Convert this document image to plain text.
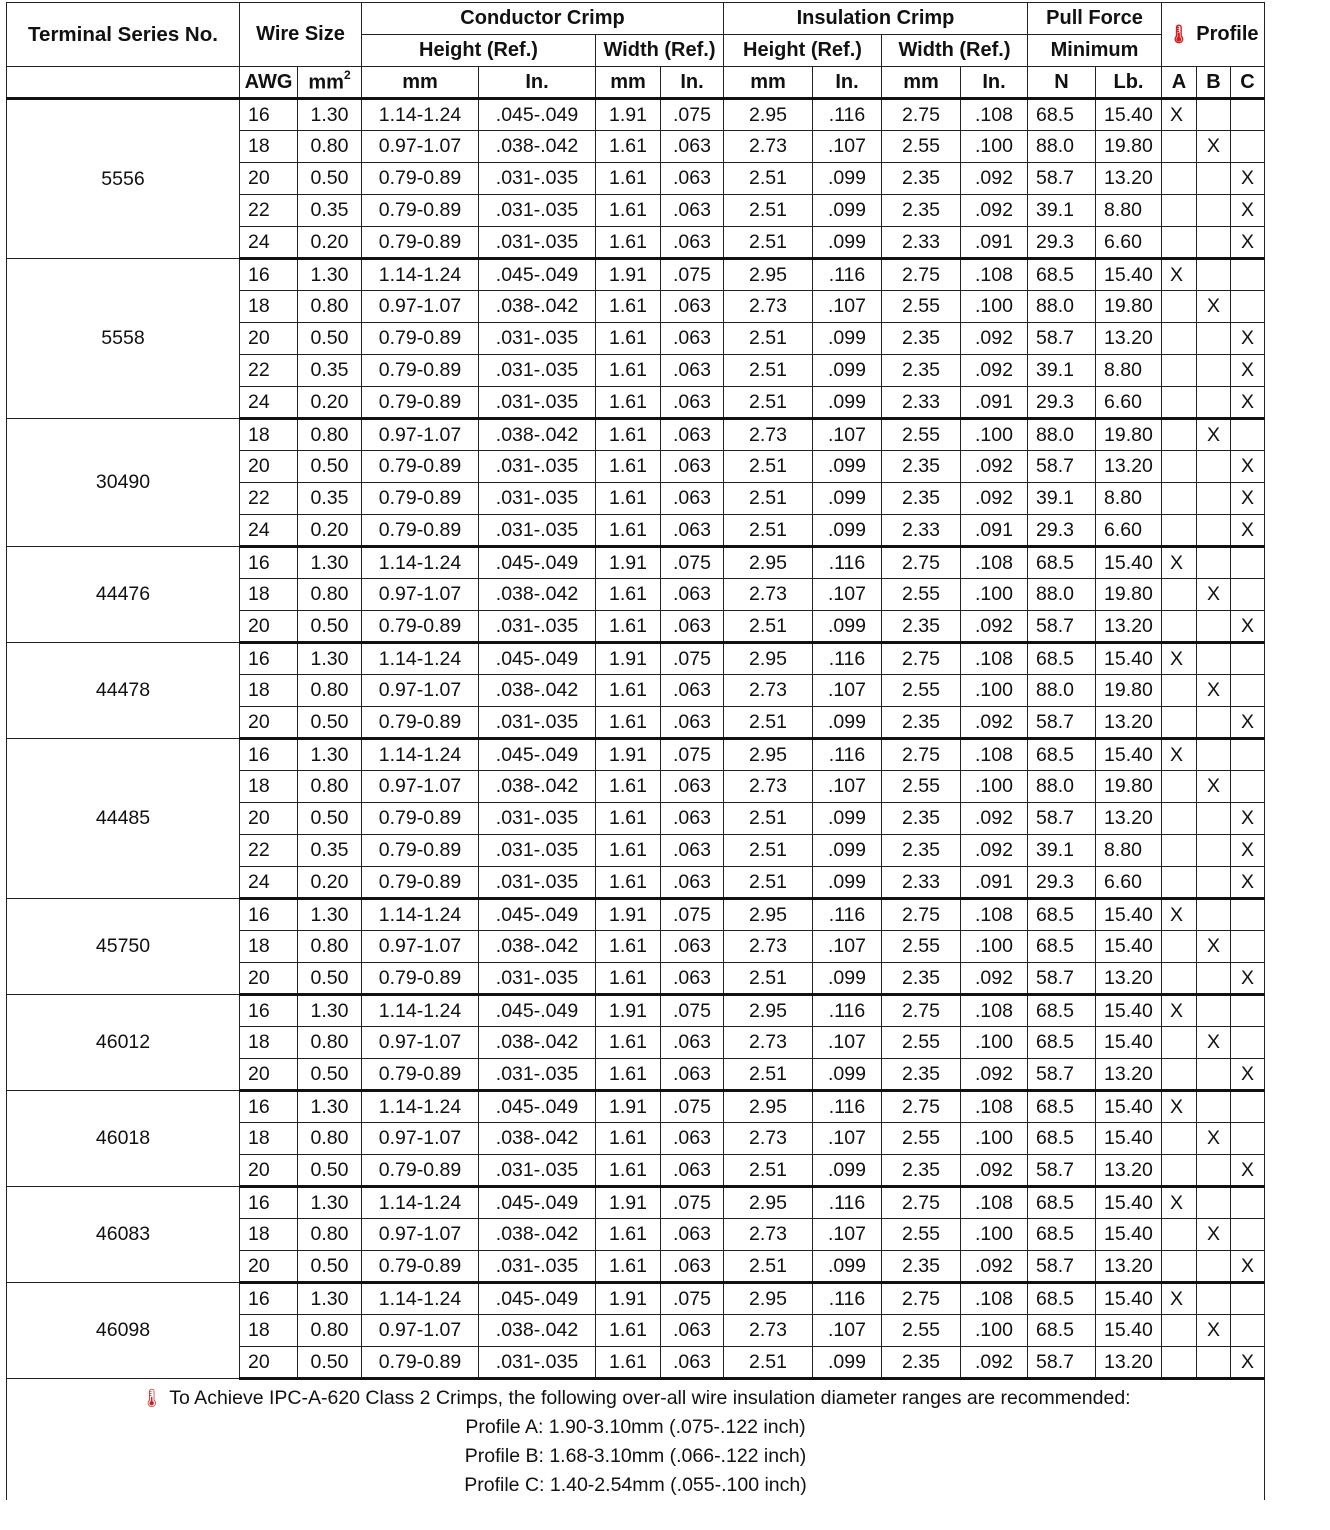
Terminal Series No.	Wire Size		Conductor Crimp				Insulation Crimp				Pull Force		🌡 Profile		
			Height (Ref.)		Width (Ref.)		Height (Ref.)		Width (Ref.)		Minimum				
	AWG	$mm^2$	mm	In.	mm	In.	mm	In.	mm	In.	N	Lb.	A	B	C
5556	16	1.30	1.14-1.24	.045-.049	1.91	.075	2.95	.116	2.75	.108	68.5	15.40	X		
	18	0.80	0.97-1.07	.038-.042	1.61	.063	2.73	.107	2.55	.100	88.0	19.80		X	
	20	0.50	0.79-0.89	.031-.035	1.61	.063	2.51	.099	2.35	.092	58.7	13.20			X
	22	0.35	0.79-0.89	.031-.035	1.61	.063	2.51	.099	2.35	.092	39.1	8.80			X
	24	0.20	0.79-0.89	.031-.035	1.61	.063	2.51	.099	2.33	.091	29.3	6.60			X
5558	16	1.30	1.14-1.24	.045-.049	1.91	.075	2.95	.116	2.75	.108	68.5	15.40	X		
	18	0.80	0.97-1.07	.038-.042	1.61	.063	2.73	.107	2.55	.100	88.0	19.80		X	
	20	0.50	0.79-0.89	.031-.035	1.61	.063	2.51	.099	2.35	.092	58.7	13.20			X
	22	0.35	0.79-0.89	.031-.035	1.61	.063	2.51	.099	2.35	.092	39.1	8.80			X
	24	0.20	0.79-0.89	.031-.035	1.61	.063	2.51	.099	2.33	.091	29.3	6.60			X
30490	18	0.80	0.97-1.07	.038-.042	1.61	.063	2.73	.107	2.55	.100	88.0	19.80		X	
	20	0.50	0.79-0.89	.031-.035	1.61	.063	2.51	.099	2.35	.092	58.7	13.20			X
	22	0.35	0.79-0.89	.031-.035	1.61	.063	2.51	.099	2.35	.092	39.1	8.80			X
	24	0.20	0.79-0.89	.031-.035	1.61	.063	2.51	.099	2.33	.091	29.3	6.60			X
44476	16	1.30	1.14-1.24	.045-.049	1.91	.075	2.95	.116	2.75	.108	68.5	15.40	X		
	18	0.80	0.97-1.07	.038-.042	1.61	.063	2.73	.107	2.55	.100	88.0	19.80		X	
	20	0.50	0.79-0.89	.031-.035	1.61	.063	2.51	.099	2.35	.092	58.7	13.20			X
44478	16	1.30	1.14-1.24	.045-.049	1.91	.075	2.95	.116	2.75	.108	68.5	15.40	X		
	18	0.80	0.97-1.07	.038-.042	1.61	.063	2.73	.107	2.55	.100	88.0	19.80		X	
	20	0.50	0.79-0.89	.031-.035	1.61	.063	2.51	.099	2.35	.092	58.7	13.20			X
44485	16	1.30	1.14-1.24	.045-.049	1.91	.075	2.95	.116	2.75	.108	68.5	15.40	X		
	18	0.80	0.97-1.07	.038-.042	1.61	.063	2.73	.107	2.55	.100	88.0	19.80		X	
	20	0.50	0.79-0.89	.031-.035	1.61	.063	2.51	.099	2.35	.092	58.7	13.20			X
	22	0.35	0.79-0.89	.031-.035	1.61	.063	2.51	.099	2.35	.092	39.1	8.80			X
	24	0.20	0.79-0.89	.031-.035	1.61	.063	2.51	.099	2.33	.091	29.3	6.60			X
45750	16	1.30	1.14-1.24	.045-.049	1.91	.075	2.95	.116	2.75	.108	68.5	15.40	X		
	18	0.80	0.97-1.07	.038-.042	1.61	.063	2.73	.107	2.55	.100	68.5	15.40		X	
	20	0.50	0.79-0.89	.031-.035	1.61	.063	2.51	.099	2.35	.092	58.7	13.20			X
46012	16	1.30	1.14-1.24	.045-.049	1.91	.075	2.95	.116	2.75	.108	68.5	15.40	X		
	18	0.80	0.97-1.07	.038-.042	1.61	.063	2.73	.107	2.55	.100	68.5	15.40		X	
	20	0.50	0.79-0.89	.031-.035	1.61	.063	2.51	.099	2.35	.092	58.7	13.20			X
46018	16	1.30	1.14-1.24	.045-.049	1.91	.075	2.95	.116	2.75	.108	68.5	15.40	X		
	18	0.80	0.97-1.07	.038-.042	1.61	.063	2.73	.107	2.55	.100	68.5	15.40		X	
	20	0.50	0.79-0.89	.031-.035	1.61	.063	2.51	.099	2.35	.092	58.7	13.20			X
46083	16	1.30	1.14-1.24	.045-.049	1.91	.075	2.95	.116	2.75	.108	68.5	15.40	X		
	18	0.80	0.97-1.07	.038-.042	1.61	.063	2.73	.107	2.55	.100	68.5	15.40		X	
	20	0.50	0.79-0.89	.031-.035	1.61	.063	2.51	.099	2.35	.092	58.7	13.20			X
46098	16	1.30	1.14-1.24	.045-.049	1.91	.075	2.95	.116	2.75	.108	68.5	15.40	X		
	18	0.80	0.97-1.07	.038-.042	1.61	.063	2.73	.107	2.55	.100	68.5	15.40		X	
	20	0.50	0.79-0.89	.031-.035	1.61	.063	2.51	.099	2.35	.092	58.7	13.20			X

🌡 To Achieve IPC-A-620 Class 2 Crimps, the following over-all wire insulation diameter ranges are recommended:
Profile A: 1.90-3.10mm (.075-.122 inch)
Profile B: 1.68-3.10mm (.066-.122 inch)
Profile C: 1.40-2.54mm (.055-.100 inch)															
